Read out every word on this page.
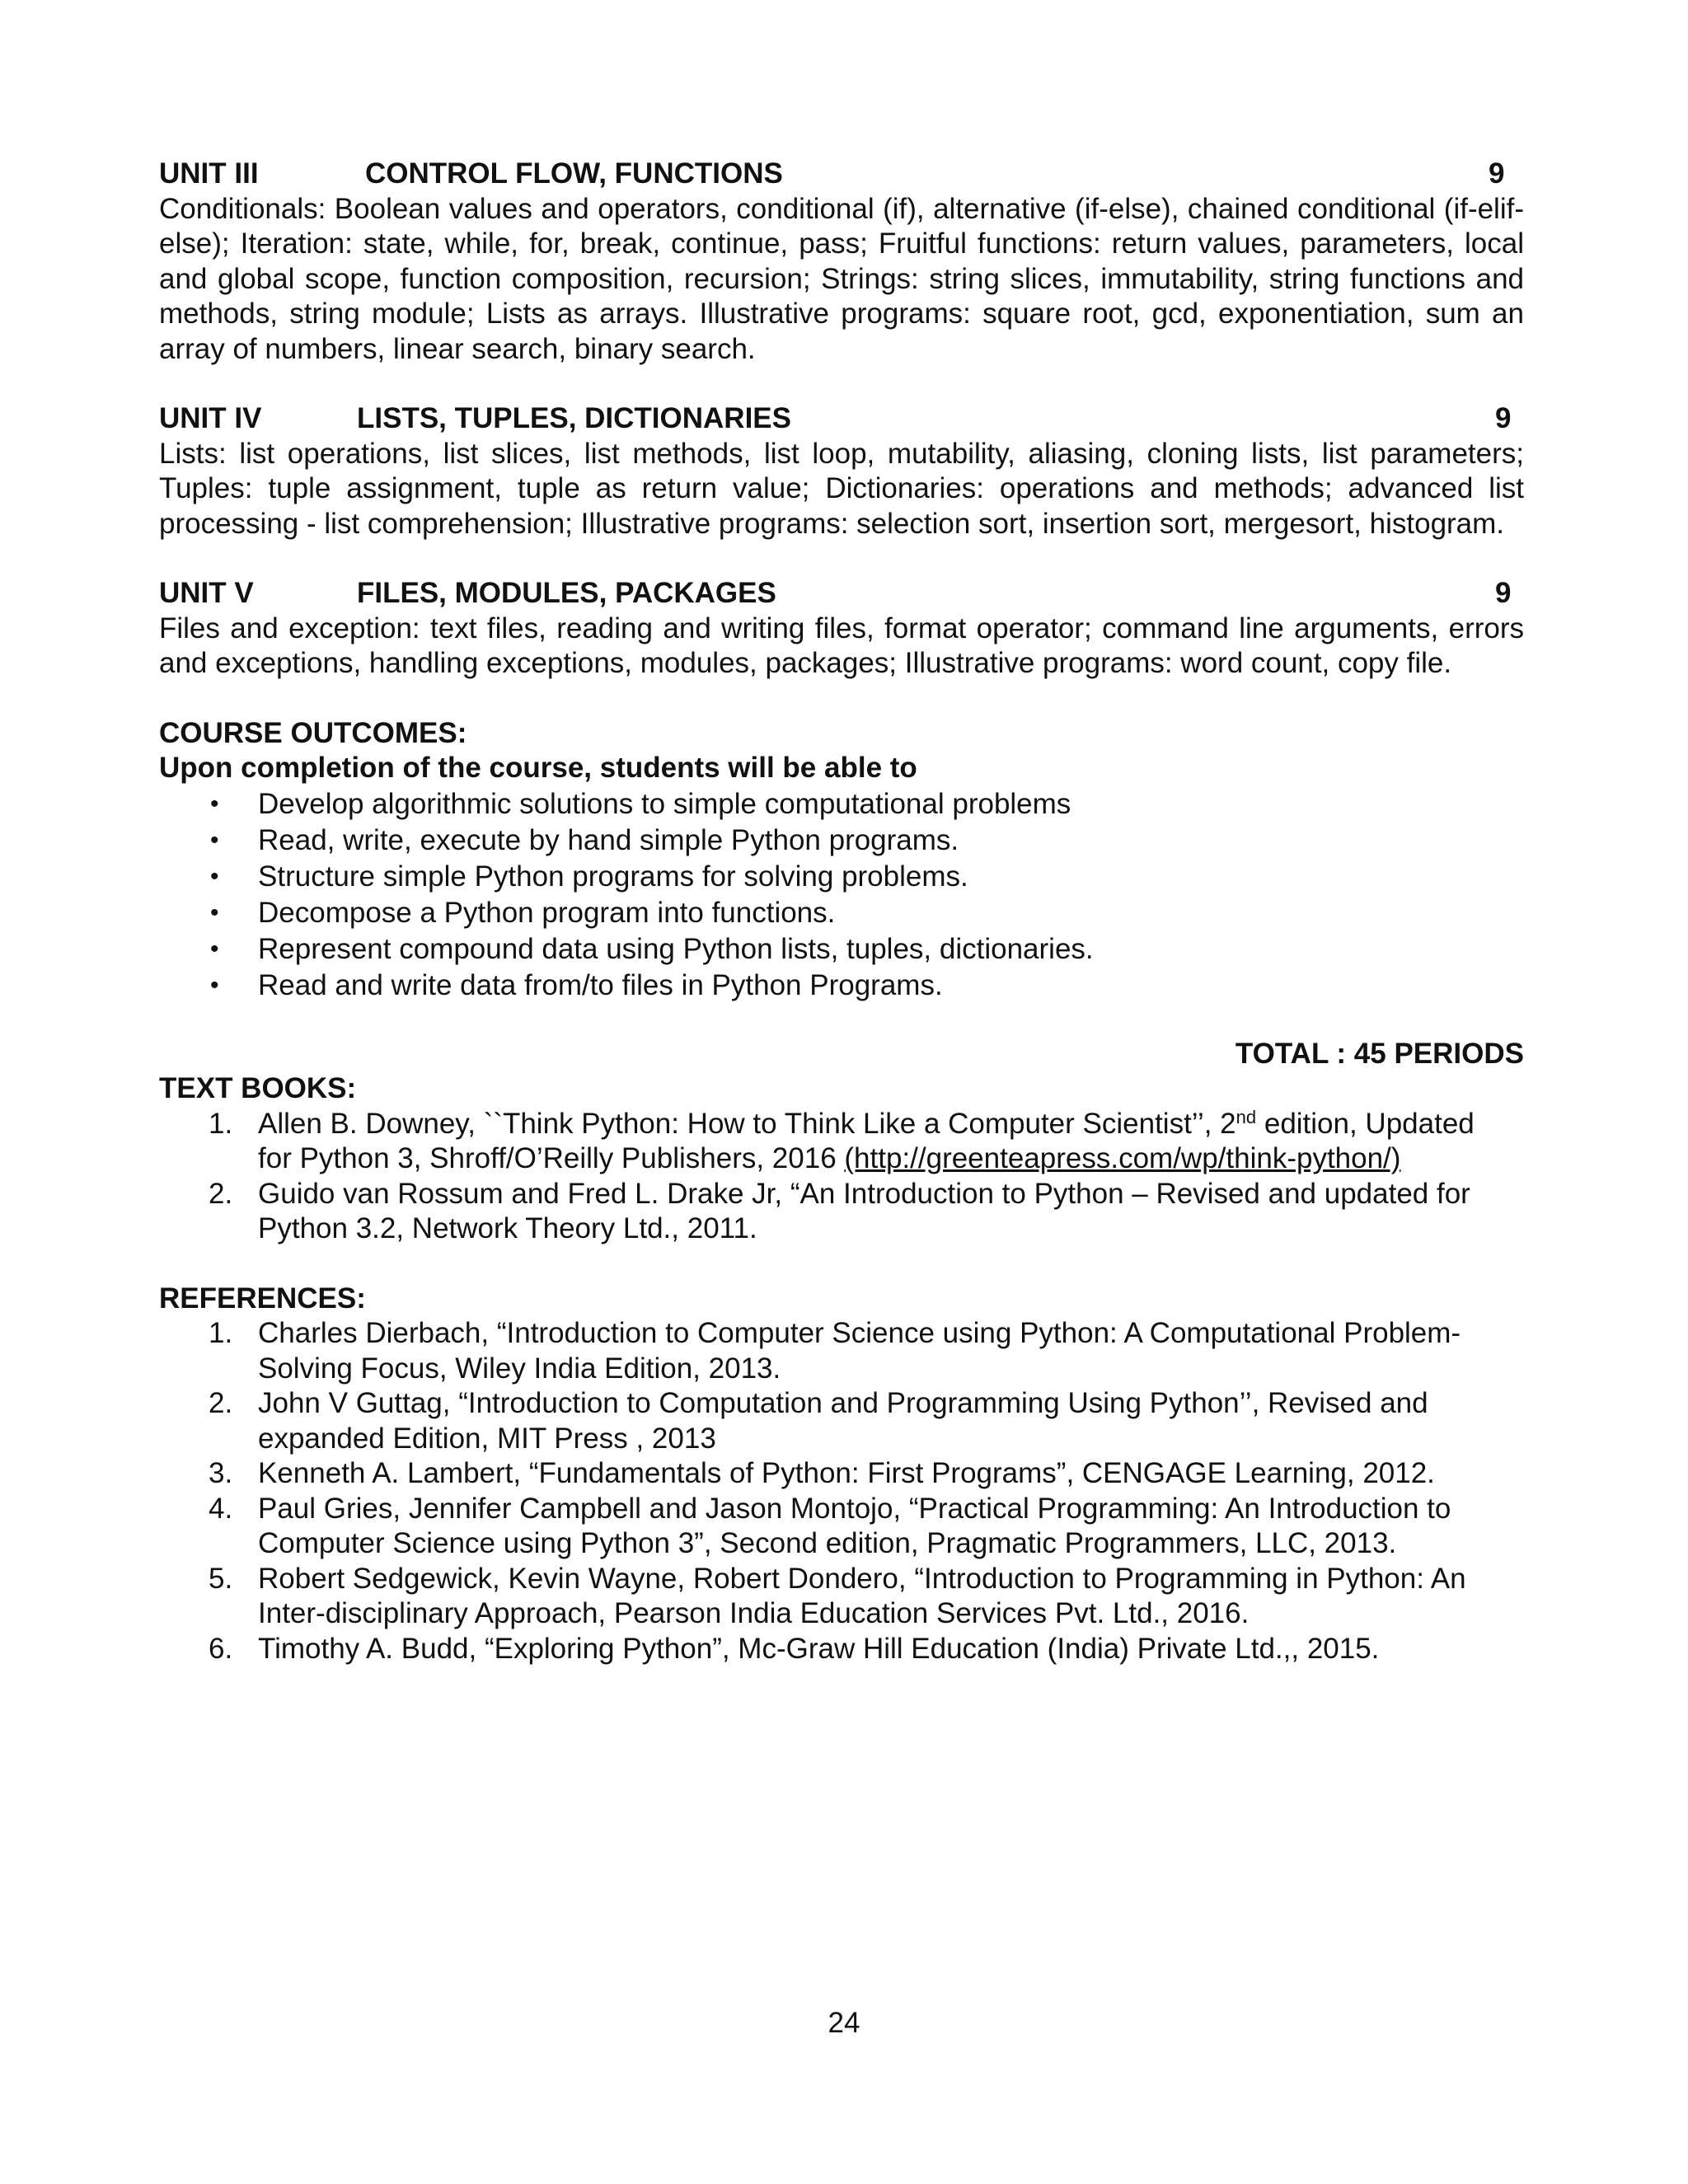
UNIT III	CONTROL FLOW, FUNCTIONS	9

Conditionals: Boolean values and operators, conditional (if), alternative (if-else), chained conditional (if-elif-else); Iteration: state, while, for, break, continue, pass; Fruitful functions: return values, parameters, local and global scope, function composition, recursion; Strings: string slices, immutability, string functions and methods, string module; Lists as arrays. Illustrative programs: square root, gcd, exponentiation, sum an array of numbers, linear search, binary search.

UNIT IV	LISTS, TUPLES, DICTIONARIES	9

Lists: list operations, list slices, list methods, list loop, mutability, aliasing, cloning lists, list parameters; Tuples: tuple assignment, tuple as return value; Dictionaries: operations and methods; advanced list processing - list comprehension; Illustrative programs: selection sort, insertion sort, mergesort, histogram.

UNIT V	FILES, MODULES, PACKAGES	9

Files and exception: text files, reading and writing files, format operator; command line arguments, errors and exceptions, handling exceptions, modules, packages; Illustrative programs: word count, copy file.

COURSE OUTCOMES:

Upon completion of the course, students will be able to

• Develop algorithmic solutions to simple computational problems
• Read, write, execute by hand simple Python programs.
• Structure simple Python programs for solving problems.
• Decompose a Python program into functions.
• Represent compound data using Python lists, tuples, dictionaries.
• Read and write data from/to files in Python Programs.
TOTAL : 45 PERIODS

TEXT BOOKS:

1. Allen B. Downey, ``Think Python: How to Think Like a Computer Scientist’’, 2nd edition, Updated for Python 3, Shroff/O’Reilly Publishers, 2016 (http://greenteapress.com/wp/think-python/)
2. Guido van Rossum and Fred L. Drake Jr, “An Introduction to Python – Revised and updated for Python 3.2, Network Theory Ltd., 2011.

REFERENCES:

1. Charles Dierbach, “Introduction to Computer Science using Python: A Computational Problem-Solving Focus, Wiley India Edition, 2013.
2. John V Guttag, “Introduction to Computation and Programming Using Python’’, Revised and expanded Edition, MIT Press , 2013
3. Kenneth A. Lambert, “Fundamentals of Python: First Programs”, CENGAGE Learning, 2012.
4. Paul Gries, Jennifer Campbell and Jason Montojo, “Practical Programming: An Introduction to Computer Science using Python 3”, Second edition, Pragmatic Programmers, LLC, 2013.
5. Robert Sedgewick, Kevin Wayne, Robert Dondero, “Introduction to Programming in Python: An Inter-disciplinary Approach, Pearson India Education Services Pvt. Ltd., 2016.
6. Timothy A. Budd, “Exploring Python”, Mc-Graw Hill Education (India) Private Ltd.,, 2015.
24
